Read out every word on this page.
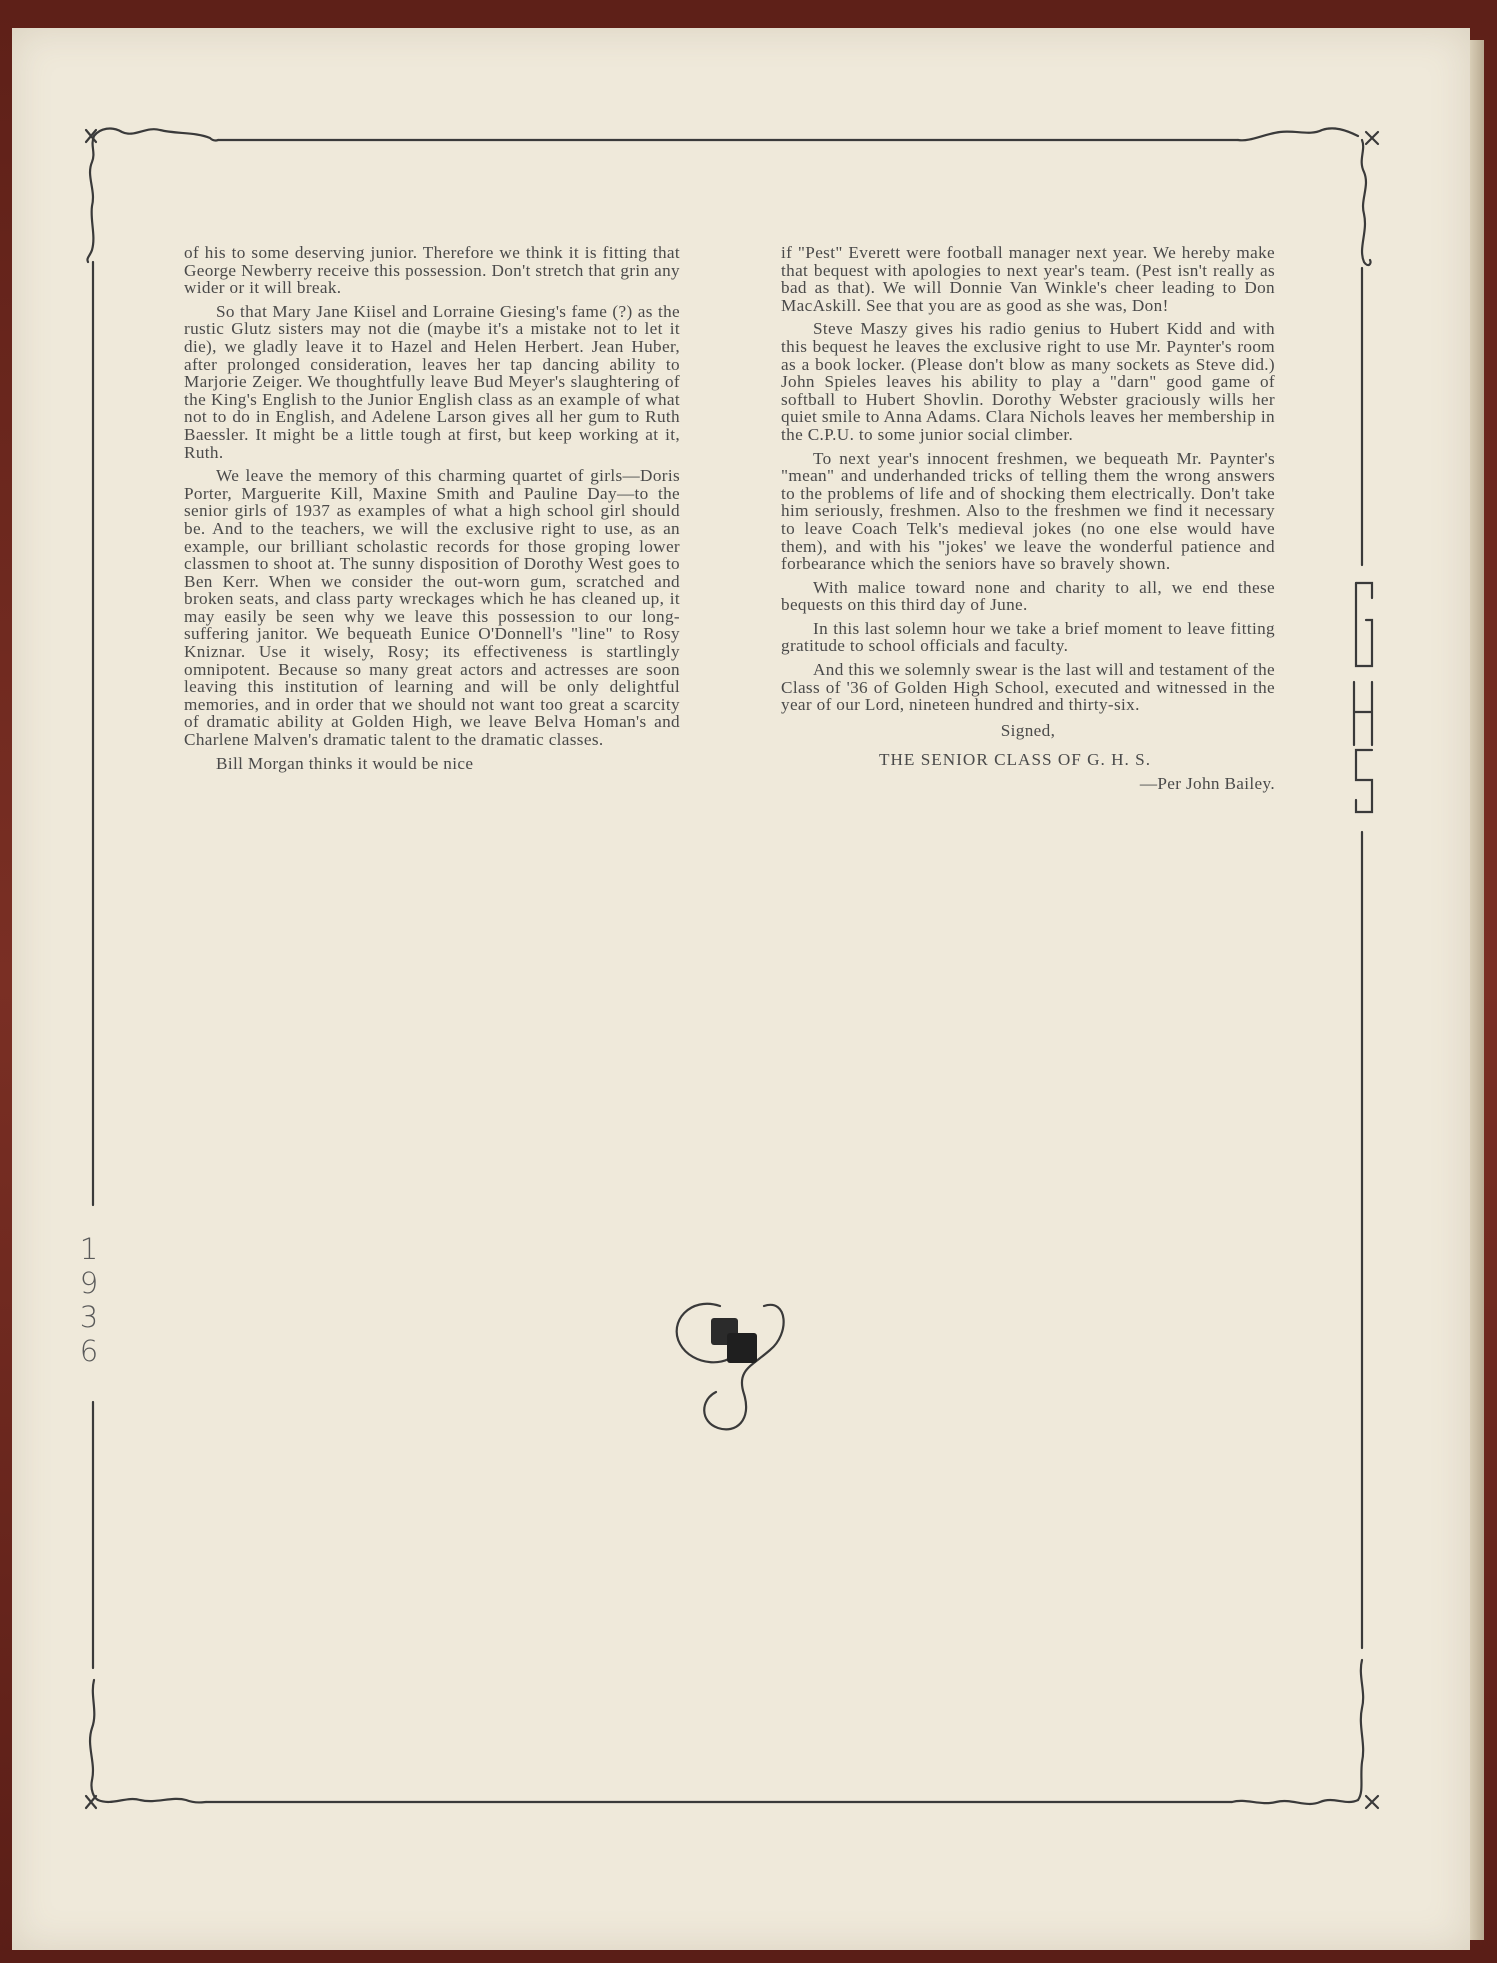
of his to some deserving junior. Therefore we think it is fitting that George Newberry receive this possession. Don't stretch that grin any wider or it will break.

So that Mary Jane Kiisel and Lorraine Giesing's fame (?) as the rustic Glutz sisters may not die (maybe it's a mistake not to let it die), we gladly leave it to Hazel and Helen Herbert. Jean Huber, after prolonged consideration, leaves her tap dancing ability to Marjorie Zeiger. We thoughtfully leave Bud Meyer's slaughtering of the King's English to the Junior English class as an example of what not to do in English, and Adelene Larson gives all her gum to Ruth Baessler. It might be a little tough at first, but keep working at it, Ruth.

We leave the memory of this charming quartet of girls—Doris Porter, Marguerite Kill, Maxine Smith and Pauline Day—to the senior girls of 1937 as examples of what a high school girl should be. And to the teachers, we will the exclusive right to use, as an example, our brilliant scholastic records for those groping lower classmen to shoot at. The sunny disposition of Dorothy West goes to Ben Kerr. When we consider the out-worn gum, scratched and broken seats, and class party wreckages which he has cleaned up, it may easily be seen why we leave this possession to our long-suffering janitor. We bequeath Eunice O'Donnell's "line" to Rosy Kniznar. Use it wisely, Rosy; its effectiveness is startlingly omnipotent. Because so many great actors and actresses are soon leaving this institution of learning and will be only delightful memories, and in order that we should not want too great a scarcity of dramatic ability at Golden High, we leave Belva Homan's and Charlene Malven's dramatic talent to the dramatic classes.

Bill Morgan thinks it would be nice

if "Pest" Everett were football manager next year. We hereby make that bequest with apologies to next year's team. (Pest isn't really as bad as that). We will Donnie Van Winkle's cheer leading to Don MacAskill. See that you are as good as she was, Don!

Steve Maszy gives his radio genius to Hubert Kidd and with this bequest he leaves the exclusive right to use Mr. Paynter's room as a book locker. (Please don't blow as many sockets as Steve did.) John Spieles leaves his ability to play a "darn" good game of softball to Hubert Shovlin. Dorothy Webster graciously wills her quiet smile to Anna Adams. Clara Nichols leaves her membership in the C.P.U. to some junior social climber.

To next year's innocent freshmen, we bequeath Mr. Paynter's "mean" and underhanded tricks of telling them the wrong answers to the problems of life and of shocking them electrically. Don't take him seriously, freshmen. Also to the freshmen we find it necessary to leave Coach Telk's medieval jokes (no one else would have them), and with his "jokes' we leave the wonderful patience and forbearance which the seniors have so bravely shown.

With malice toward none and charity to all, we end these bequests on this third day of June.

In this last solemn hour we take a brief moment to leave fitting gratitude to school officials and faculty.

And this we solemnly swear is the last will and testament of the Class of '36 of Golden High School, executed and witnessed in the year of our Lord, nineteen hundred and thirty-six.

Signed,

THE SENIOR CLASS OF G. H. S.

—Per John Bailey.

1
9
3
6
